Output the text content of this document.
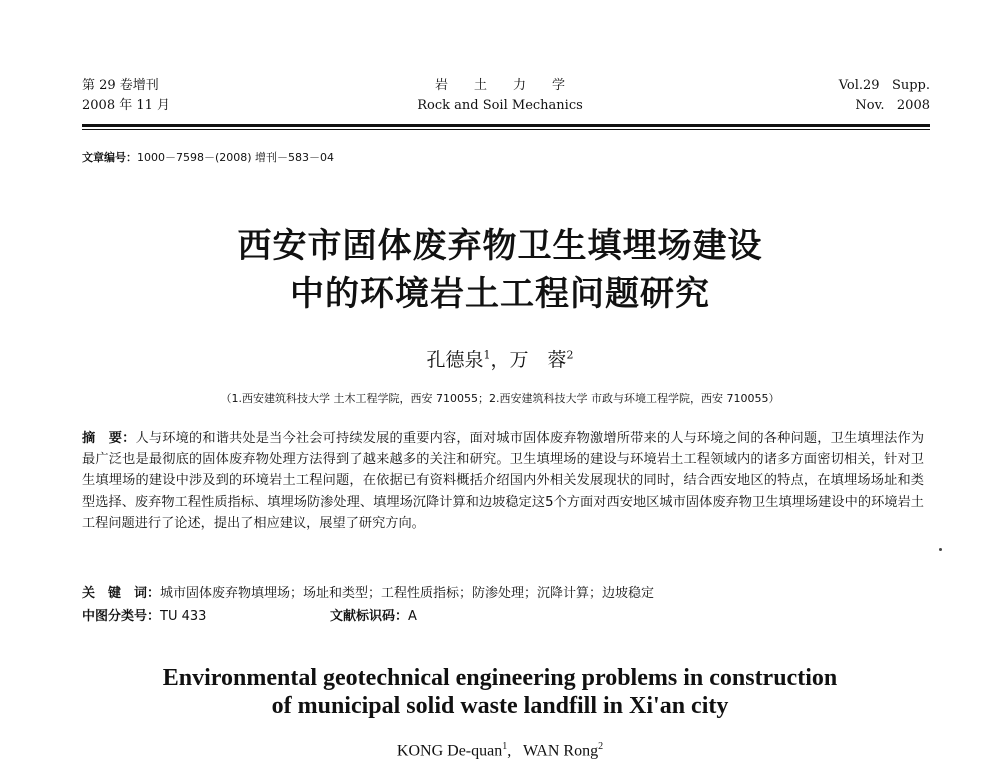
第 29 卷增刊
2008 年 11 月
岩土力学
Rock and Soil Mechanics
Vol.29   Supp.
Nov.   2008
文章编号：1000－7598－(2008) 增刊－583－04
西安市固体废弃物卫生填埋场建设
中的环境岩土工程问题研究
孔德泉$^1$，万　蓉$^2$
（1.西安建筑科技大学 土木工程学院，西安 710055；2.西安建筑科技大学 市政与环境工程学院，西安 710055）
摘　要：人与环境的和谐共处是当今社会可持续发展的重要内容，面对城市固体废弃物激增所带来的人与环境之间的各种问题，卫生填埋法作为最广泛也是最彻底的固体废弃物处理方法得到了越来越多的关注和研究。卫生填埋场的建设与环境岩土工程领域内的诸多方面密切相关，针对卫生填埋场的建设中涉及到的环境岩土工程问题，在依据已有资料概括介绍国内外相关发展现状的同时，结合西安地区的特点，在填埋场场址和类型选择、废弃物工程性质指标、填埋场防渗处理、填埋场沉降计算和边坡稳定这5个方面对西安地区城市固体废弃物卫生填埋场建设中的环境岩土工程问题进行了论述，提出了相应建议，展望了研究方向。
关　键　词：城市固体废弃物填埋场；场址和类型；工程性质指标；防渗处理；沉降计算；边坡稳定
中图分类号：TU 433	文献标识码：A
Environmental geotechnical engineering problems in construction
of municipal solid waste landfill in Xi'an city
KONG De-quan$^1$,   WAN Rong$^2$
